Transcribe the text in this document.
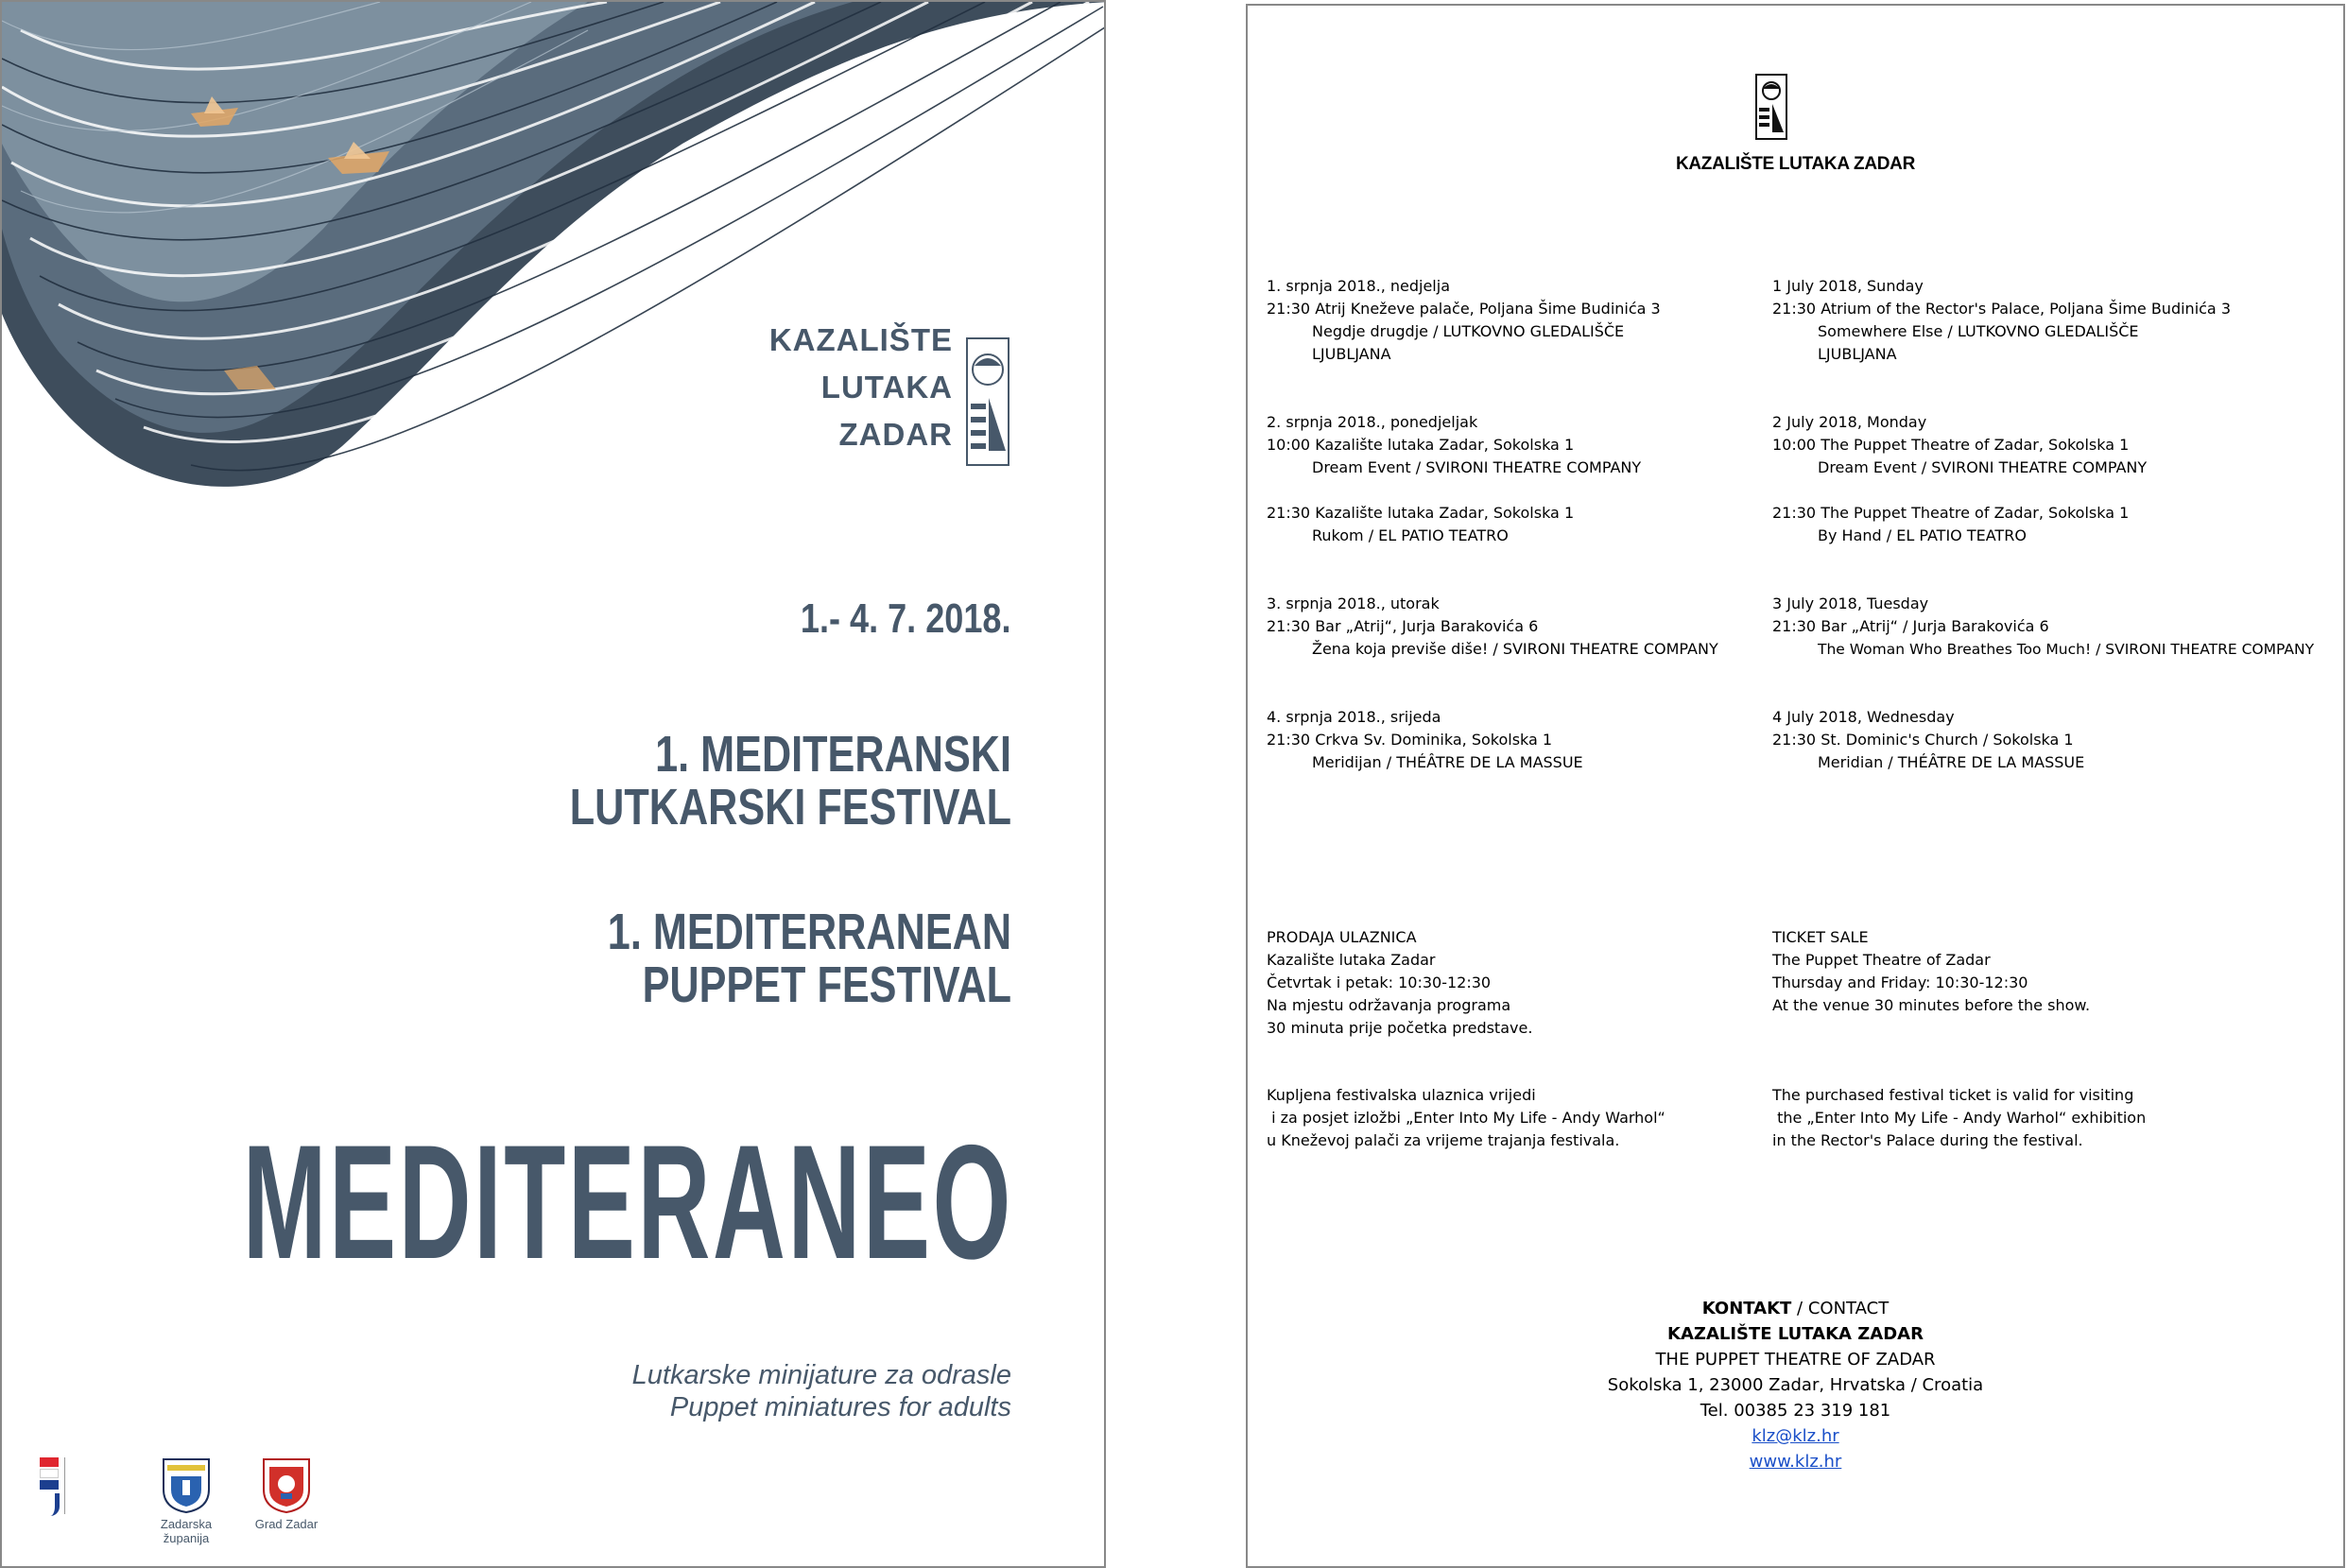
KAZALIŠTE
LUTAKA
ZADAR
1.- 4. 7. 2018.
1. MEDITERANSKI
LUTKARSKI FESTIVAL
1. MEDITERRANEAN
PUPPET FESTIVAL
MEDITERANEO
Lutkarske minijature za odrasle
Puppet miniatures for adults
Zadarska županija
Grad Zadar
KAZALIŠTE LUTAKA ZADAR
1. srpnja 2018., nedjelja
21:30 Atrij Kneževe palače, Poljana Šime Budinića 3
Negdje drugdje / LUTKOVNO GLEDALIŠČE
LJUBLJANA
2. srpnja 2018., ponedjeljak
10:00 Kazalište lutaka Zadar, Sokolska 1
Dream Event / SVIRONI THEATRE COMPANY
21:30 Kazalište lutaka Zadar, Sokolska 1
Rukom / EL PATIO TEATRO
3. srpnja 2018., utorak
21:30 Bar „Atrij“, Jurja Barakovića 6
Žena koja previše diše! / SVIRONI THEATRE COMPANY
4. srpnja 2018., srijeda
21:30 Crkva Sv. Dominika, Sokolska 1
Meridijan / THÉÂTRE DE LA MASSUE
1 July 2018, Sunday
21:30 Atrium of the Rector's Palace, Poljana Šime Budinića 3
Somewhere Else / LUTKOVNO GLEDALIŠČE
LJUBLJANA
2 July 2018, Monday
10:00 The Puppet Theatre of Zadar, Sokolska 1
Dream Event / SVIRONI THEATRE COMPANY
21:30 The Puppet Theatre of Zadar, Sokolska 1
By Hand / EL PATIO TEATRO
3 July 2018, Tuesday
21:30 Bar „Atrij“ / Jurja Barakovića 6
The Woman Who Breathes Too Much! / SVIRONI THEATRE COMPANY
4 July 2018, Wednesday
21:30 St. Dominic's Church / Sokolska 1
Meridian / THÉÂTRE DE LA MASSUE
PRODAJA ULAZNICA
Kazalište lutaka Zadar
Četvrtak i petak: 10:30-12:30
Na mjestu održavanja programa
30 minuta prije početka predstave.
TICKET SALE
The Puppet Theatre of Zadar
Thursday and Friday: 10:30-12:30
At the venue 30 minutes before the show.
Kupljena festivalska ulaznica vrijedi
i za posjet izložbi „Enter Into My Life - Andy Warhol“
u Kneževoj palači za vrijeme trajanja festivala.
The purchased festival ticket is valid for visiting
the „Enter Into My Life - Andy Warhol“ exhibition
in the Rector's Palace during the festival.
KONTAKT / CONTACT
KAZALIŠTE LUTAKA ZADAR
THE PUPPET THEATRE OF ZADAR
Sokolska 1, 23000 Zadar, Hrvatska / Croatia
Tel. 00385 23 319 181
klz@klz.hr
www.klz.hr
